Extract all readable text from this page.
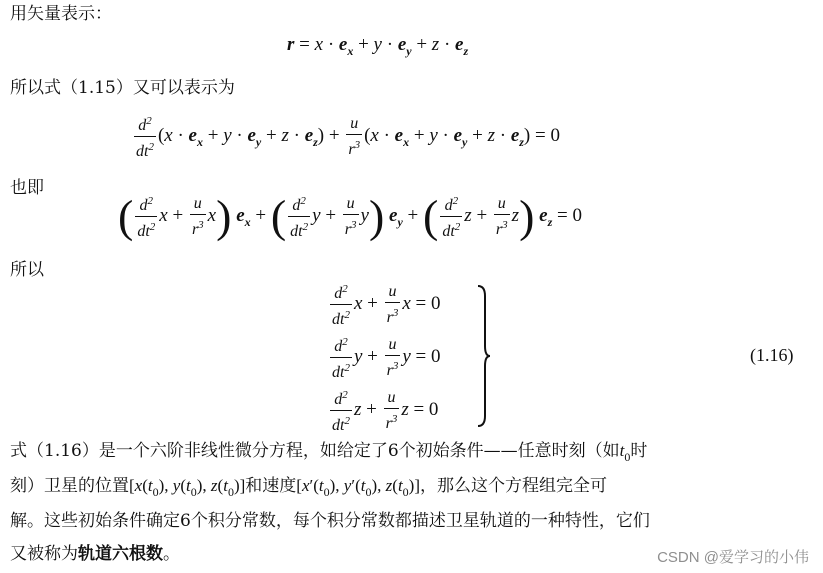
用矢量表示：
$r = x \cdot e_x + y \cdot e_y + z \cdot e_z$
所以式（1.15）又可以表示为
$\frac{d^2}{dt^2} (x \cdot e_x + y \cdot e_y + z \cdot e_z) + \frac{u}{r^3} (x \cdot e_x + y \cdot e_y + z \cdot e_z) = 0$
也即
( $\frac{d^2}{dt^2}$ $x + \frac{u}{r^3} x$) $e_x$ + ( $\frac{d^2}{dt^2}$ $y + \frac{u}{r^3} y$) $e_y$ + ( $\frac{d^2}{dt^2}$ $z + \frac{u}{r^3} z$) $e_z = 0$
所以
$\frac{d^2}{dt^2}$ $x + \frac{u}{r^3}$ x = 0
$\frac{d^2}{dt^2}$ $y + \frac{u}{r^3}$ y = 0
$\frac{d^2}{dt^2}$ $z + \frac{u}{r^3}$ z = 0
(1.16)
式（1.16）是一个六阶非线性微分方程，如给定了6个初始条件——任意时刻（如$t_0$时
刻）卫星的位置[$x(t_0)$, $y(t_0)$, $z(t_0)$]和速度[$x'(t_0)$, $y'(t_0)$, $z(t_0)$]，那么这个方程组完全可
解。这些初始条件确定6个积分常数，每个积分常数都描述卫星轨道的一种特性，它们
又被称为轨道六根数。	CSDN @爱学习的小伟
